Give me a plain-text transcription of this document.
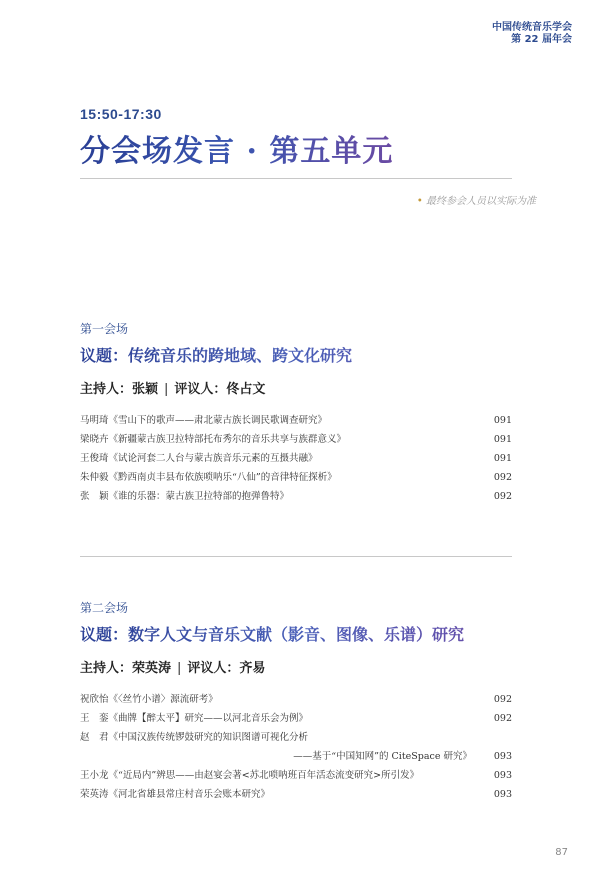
中国传统音乐学会
第 22 届年会
15:50-17:30
分会场发言 · 第五单元
• 最终参会人员以实际为准
第一会场
议题：传统音乐的跨地域、跨文化研究
主持人：张颖 | 评议人：佟占文
马明琦《雪山下的歌声——肃北蒙古族长调民歌调查研究》	091
梁晓卉《新疆蒙古族卫拉特部托布秀尔的音乐共享与族群意义》	091
王俊琦《试论河套二人台与蒙古族音乐元素的互摄共融》	091
朱仲毅《黔西南贞丰县布依族唢呐乐“八仙”的音律特征探析》	092
张　颖《谁的乐器：蒙古族卫拉特部的抱弹鲁特》	092
第二会场
议题：数字人文与音乐文献（影音、图像、乐谱）研究
主持人：荣英涛 | 评议人：齐易
祝欣怡《〈丝竹小谱〉源流研考》	092
王　銮《曲牌【醉太平】研究——以河北音乐会为例》	092
赵　君《中国汉族传统锣鼓研究的知识图谱可视化分析
——基于“中国知网”的 CiteSpace 研究》 093
王小龙《“近局内”辨思——由赵宴会著<苏北唢呐班百年活态流变研究>所引发》	093
荣英涛《河北省雄县常庄村音乐会账本研究》	093
87
